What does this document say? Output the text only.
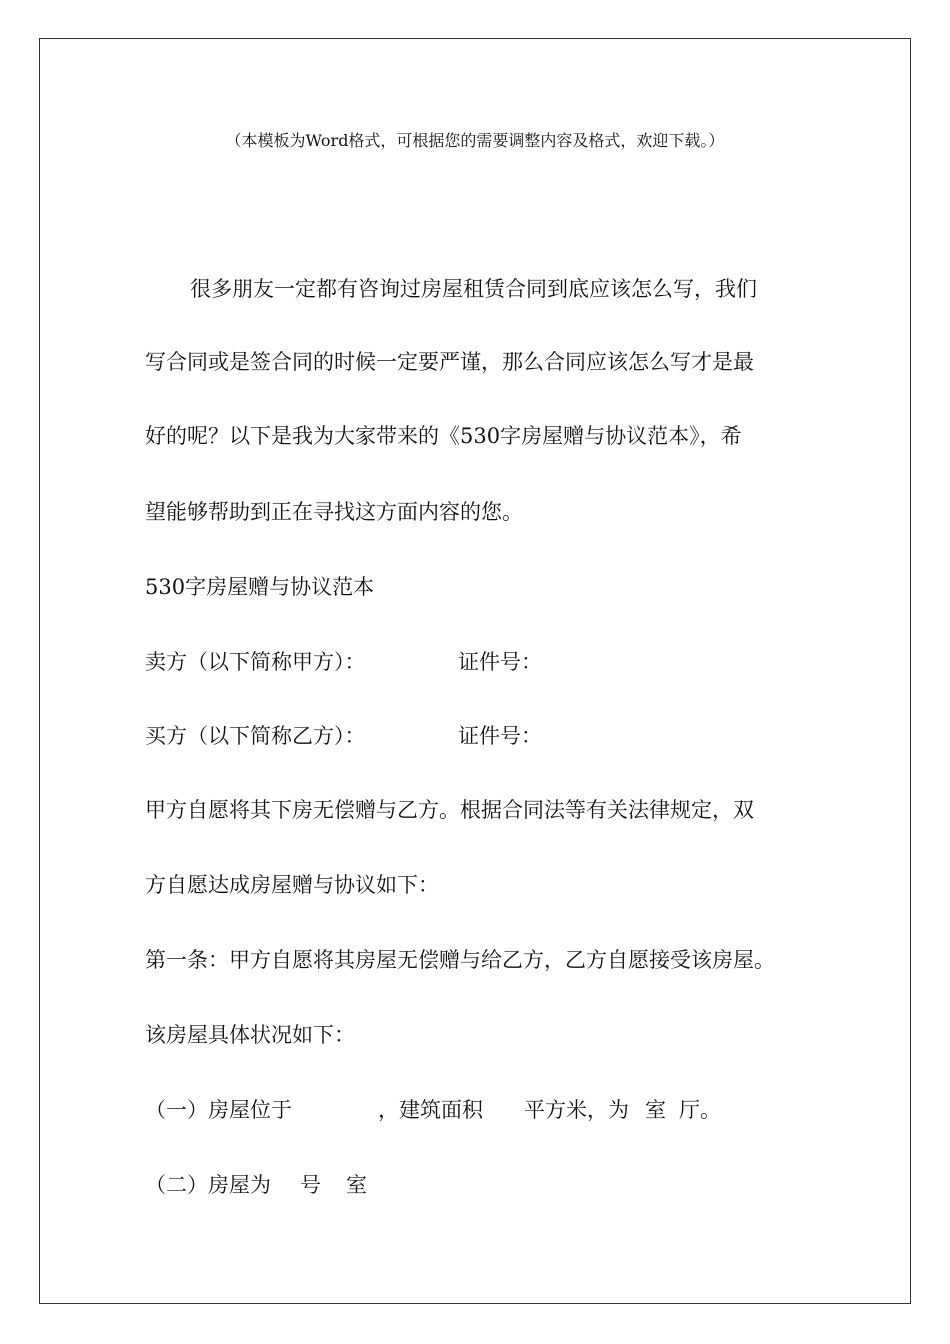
（本模板为Word格式，可根据您的需要调整内容及格式，欢迎下载。）
很多朋友一定都有咨询过房屋租赁合同到底应该怎么写，我们
写合同或是签合同的时候一定要严谨，那么合同应该怎么写才是最
好的呢？以下是我为大家带来的《530字房屋赠与协议范本》，希
望能够帮助到正在寻找这方面内容的您。
530字房屋赠与协议范本
卖方（以下简称甲方）：	证件号：
买方（以下简称乙方）：	证件号：
甲方自愿将其下房无偿赠与乙方。根据合同法等有关法律规定，双
方自愿达成房屋赠与协议如下：
第一条：甲方自愿将其房屋无偿赠与给乙方，乙方自愿接受该房屋。
该房屋具体状况如下：
（一）房屋位于	，建筑面积 平方米，为 室 厅。
（二）房屋为 号 室
